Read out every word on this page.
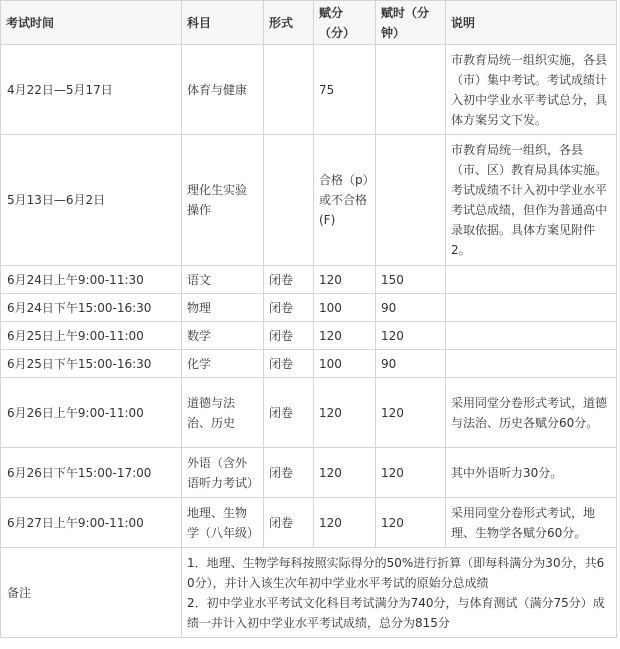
考试时间	科目	形式	赋分（分）	赋时（分钟）	说明
4月22日—5月17日	体育与健康		75		市教育局统一组织实施，各县（市）集中考试。考试成绩计入初中学业水平考试总分，具体方案另文下发。
5月13日—6月2日	理化生实验操作		合格（p）或不合格(F)		市教育局统一组织，各县（市、区）教育局具体实施。考试成绩不计入初中学业水平考试总成绩，但作为普通高中录取依据。具体方案见附件2。
6月24日上午9:00-11:30	语文	闭卷	120	150	
6月24日下午15:00-16:30	物理	闭卷	100	90	
6月25日上午9:00-11:00	数学	闭卷	120	120	
6月25日下午15:00-16:30	化学	闭卷	100	90	
6月26日上午9:00-11:00	道德与法治、历史	闭卷	120	120	采用同堂分卷形式考试，道德与法治、历史各赋分60分。
6月26日下午15:00-17:00	外语（含外语听力考试）	闭卷	120	120	其中外语听力30分。
6月27日上午9:00-11:00	地理、生物学（八年级）	闭卷	120	120	采用同堂分卷形式考试，地理、生物学各赋分60分。
备注	1．地理、生物学每科按照实际得分的50%进行折算（即每科满分为30分，共60分），并计入该生次年初中学业水平考试的原始分总成绩
2．初中学业水平考试文化科目考试满分为740分，与体育测试（满分75分）成绩一并计入初中学业水平考试成绩，总分为815分				
